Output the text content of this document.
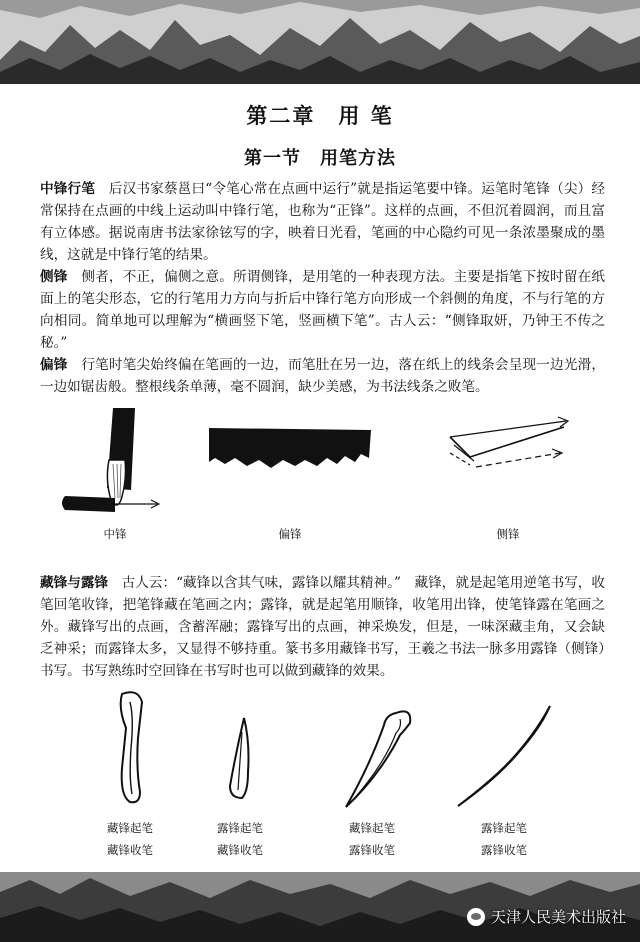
第二章　用 笔
第一节　用笔方法

中锋行笔　后汉书家蔡邕曰“令笔心常在点画中运行”就是指运笔要中锋。运笔时笔锋（尖）经常保持在点画的中线上运动叫中锋行笔，也称为“正锋”。这样的点画，不但沉着圆润，而且富有立体感。据说南唐书法家徐铉写的字，映着日光看，笔画的中心隐约可见一条浓墨聚成的墨线，这就是中锋行笔的结果。

侧锋　侧者，不正，偏侧之意。所谓侧锋，是用笔的一种表现方法。主要是指笔下按时留在纸面上的笔尖形态，它的行笔用力方向与折后中锋行笔方向形成一个斜侧的角度，不与行笔的方向相同。简单地可以理解为“横画竖下笔，竖画横下笔”。古人云：“侧锋取妍，乃钟王不传之秘。”

偏锋　行笔时笔尖始终偏在笔画的一边，而笔肚在另一边，落在纸上的线条会呈现一边光滑，一边如锯齿般。整根线条单薄，毫不圆润，缺少美感，为书法线条之败笔。

中锋	偏锋	侧锋

藏锋与露锋　古人云：“藏锋以含其气味，露锋以耀其精神。”　藏锋，就是起笔用逆笔书写，收笔回笔收锋，把笔锋藏在笔画之内；露锋，就是起笔用顺锋，收笔用出锋，使笔锋露在笔画之外。藏锋写出的点画，含蓄浑融；露锋写出的点画，神采焕发，但是，一味深藏圭角，又会缺乏神采；而露锋太多，又显得不够持重。篆书多用藏锋书写，王羲之书法一脉多用露锋（侧锋）书写。书写熟练时空回锋在书写时也可以做到藏锋的效果。

藏锋起笔
藏锋收笔
露锋起笔
藏锋收笔
藏锋起笔
露锋收笔
露锋起笔
露锋收笔
天津人民美术出版社
